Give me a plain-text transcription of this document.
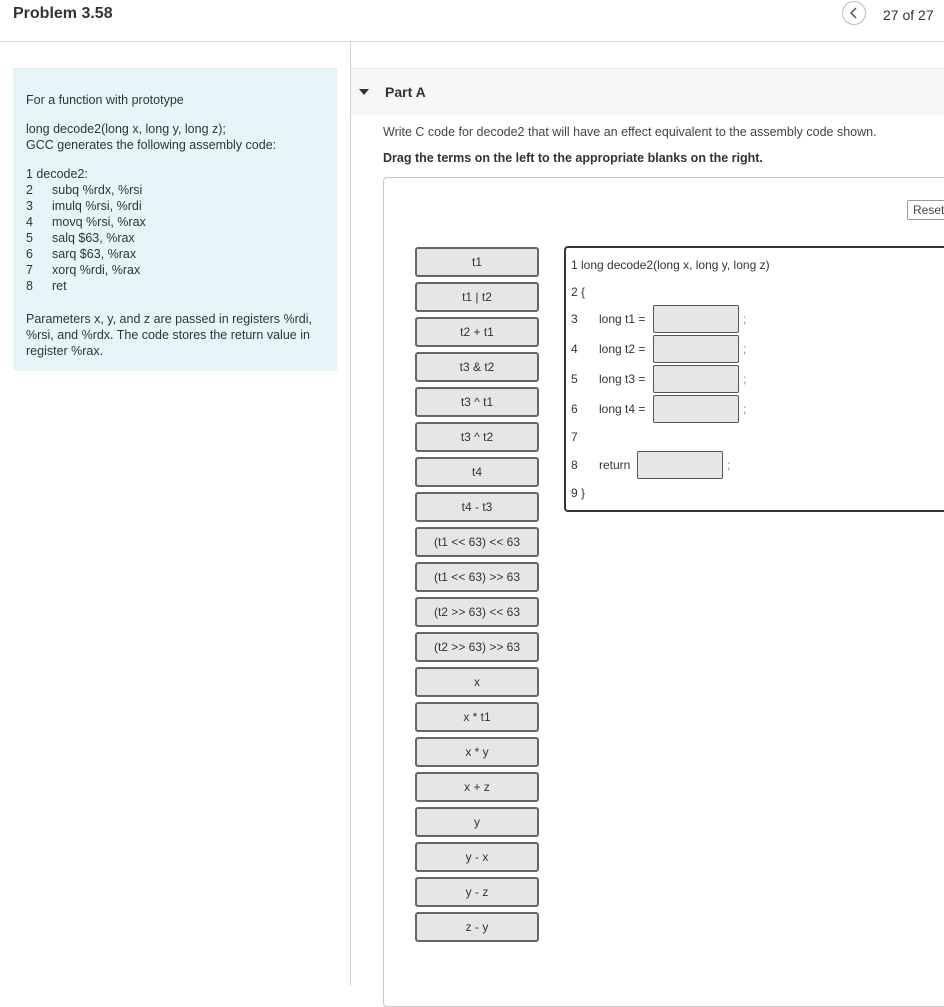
Problem 3.58	27 of 27

For a function with prototype

long decode2(long x, long y, long z);

GCC generates the following assembly code:

1 decode2:

2	subq %rdx, %rsi
3	imulq %rsi, %rdi
4	movq %rsi, %rax
5	salq $63, %rax
6	sarq $63, %rax
7	xorq %rdi, %rax
8	ret

Parameters x, y, and z are passed in registers %rdi, %rsi, and %rdx. The code stores the return value in register %rax.

Part A
Write C code for decode2 that will have an effect equivalent to the assembly code shown.
Drag the terms on the left to the appropriate blanks on the right.
Reset
t1
t1 | t2
t2 + t1
t3 & t2
t3 ^ t1
t3 ^ t2
t4
t4 - t3
(t1 << 63) << 63
(t1 << 63) >> 63
(t2 >> 63) << 63
(t2 >> 63) >> 63
x
x * t1
x * y
x + z
y
y - x
y - z
z - y
1 long decode2(long x, long y, long z)
2 {
3 long t1 =	;
4 long t2 =	;
5 long t3 =	;
6 long t4 =	;
7
8 return	;
9 }
